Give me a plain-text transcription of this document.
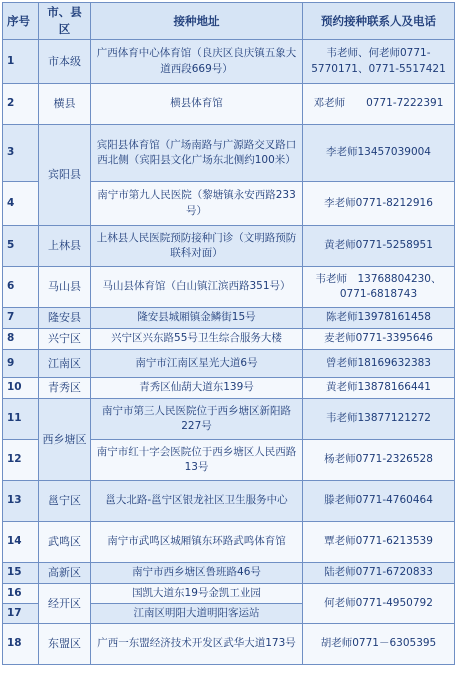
序号	市、县区	接种地址	预约接种联系人及电话
1	市本级	广西体育中心体育馆（良庆区良庆镇五象大道西段669号）	韦老师、何老师0771-5770171、0771-5517421
2	横县	横县体育馆	邓老师　　0771-7222391
3	宾阳县	宾阳县体育馆（广场南路与广源路交叉路口西北侧（宾阳县文化广场东北侧约100米）	李老师13457039004
4		南宁市第九人民医院（黎塘镇永安西路233号）	李老师0771-8212916
5	上林县	上林县人民医院预防接种门诊（文明路预防联科对面）	黄老师0771-5258951
6	马山县	马山县体育馆（白山镇江滨西路351号）	韦老师　13768804230、0771-6818743
7	隆安县	隆安县城厢镇金鳞街15号	陈老师13978161458
8	兴宁区	兴宁区兴东路55号卫生综合服务大楼	麦老师0771-3395646
9	江南区	南宁市江南区星光大道6号	曾老师18169632383
10	青秀区	青秀区仙葫大道东139号	黄老师13878166441
11	西乡塘区	南宁市第三人民医院位于西乡塘区新阳路227号	韦老师13877121272
12		南宁市红十字会医院位于西乡塘区人民西路13号	杨老师0771-2326528
13	邕宁区	邕大北路-邕宁区银龙社区卫生服务中心	滕老师0771-4760464
14	武鸣区	南宁市武鸣区城厢镇东环路武鸣体育馆	覃老师0771-6213539
15	高新区	南宁市西乡塘区鲁班路46号	陆老师0771-6720833
16	经开区	国凯大道东19号金凯工业园	何老师0771-4950792
17		江南区明阳大道明阳客运站	
18	东盟区	广西一东盟经济技术开发区武华大道173号	胡老师0771－6305395
